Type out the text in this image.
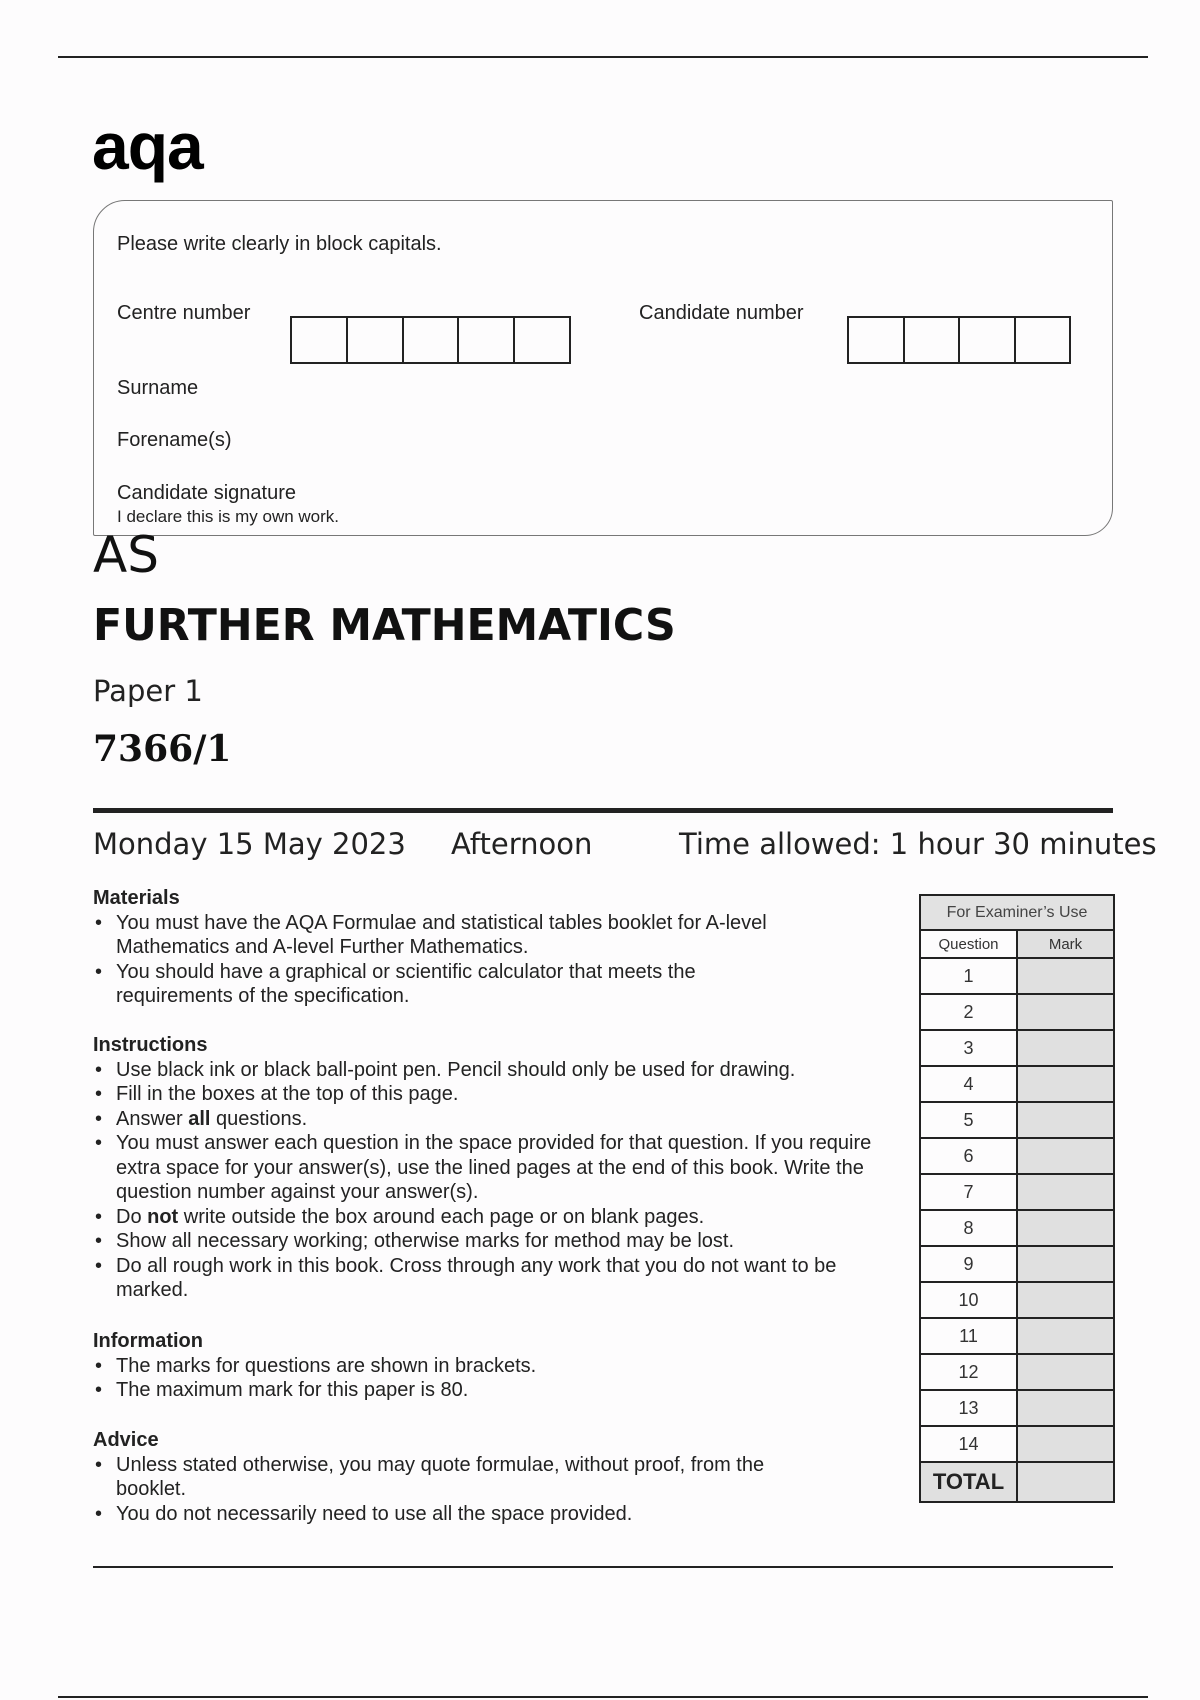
aqa
Please write clearly in block capitals.
Centre number	Candidate number
Surname
Forename(s)
Candidate signature
I declare this is my own work.
AS
FURTHER MATHEMATICS
Paper 1
7366/1
Monday 15 May 2023 Afternoon	Time allowed: 1 hour 30 minutes
Materials
• You must have the AQA Formulae and statistical tables booklet for A-level Mathematics and A-level Further Mathematics.
• You should have a graphical or scientific calculator that meets the requirements of the specification.
Instructions
• Use black ink or black ball-point pen. Pencil should only be used for drawing.
• Fill in the boxes at the top of this page.
• Answer all questions.
• You must answer each question in the space provided for that question. If you require extra space for your answer(s), use the lined pages at the end of this book. Write the question number against your answer(s).
• Do not write outside the box around each page or on blank pages.
• Show all necessary working; otherwise marks for method may be lost.
• Do all rough work in this book. Cross through any work that you do not want to be marked.
Information
• The marks for questions are shown in brackets.
• The maximum mark for this paper is 80.
Advice
• Unless stated otherwise, you may quote formulae, without proof, from the booklet.
• You do not necessarily need to use all the space provided.
For Examiner’s Use	
Question	Mark
1	
2	
3	
4	
5	
6	
7	
8	
9	
10	
11	
12	
13	
14	
TOTAL	
